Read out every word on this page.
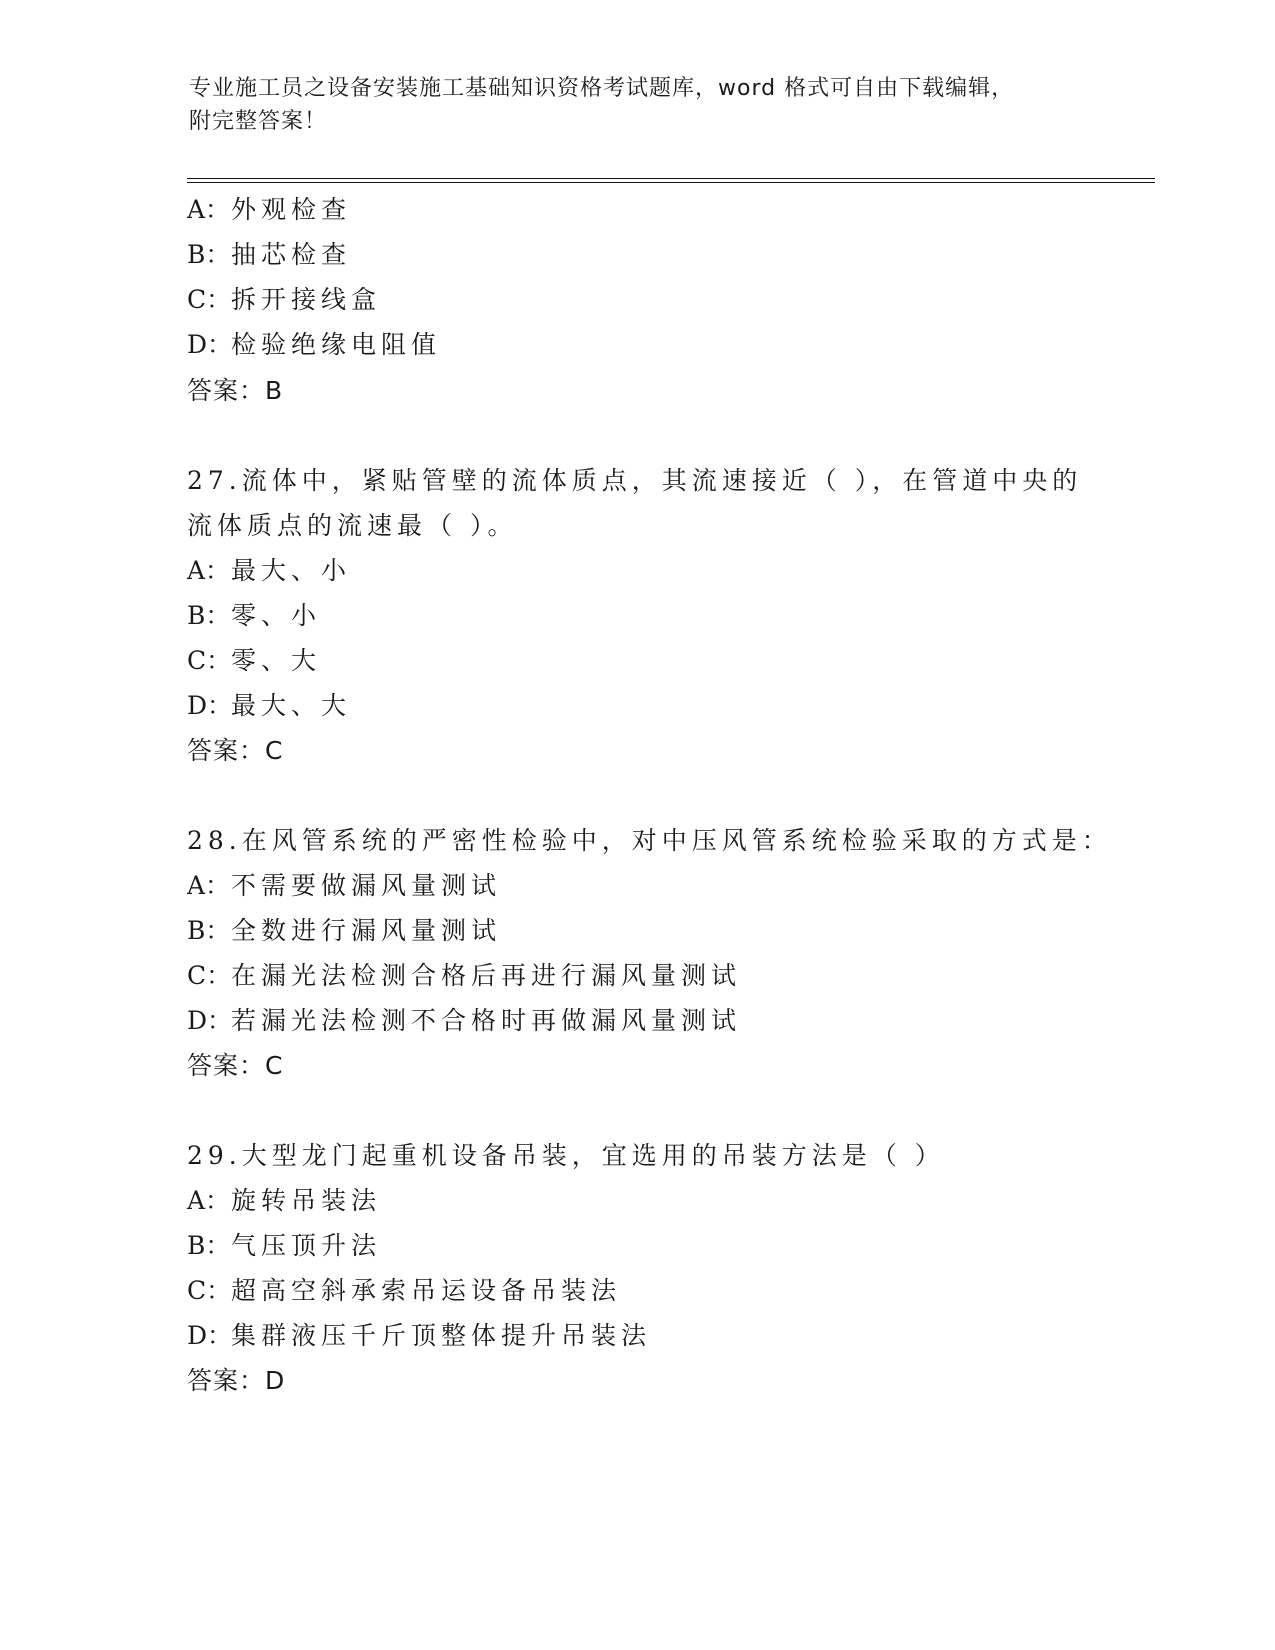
专业施工员之设备安装施工基础知识资格考试题库，word 格式可自由下载编辑，
附完整答案！
A：外观检查
B：抽芯检查
C：拆开接线盒
D：检验绝缘电阻值
答案：B
27.流体中，紧贴管壁的流体质点，其流速接近（ ），在管道中央的
流体质点的流速最（ ）。
A：最大、小
B：零、小
C：零、大
D：最大、大
答案：C
28.在风管系统的严密性检验中，对中压风管系统检验采取的方式是：
A：不需要做漏风量测试
B：全数进行漏风量测试
C：在漏光法检测合格后再进行漏风量测试
D：若漏光法检测不合格时再做漏风量测试
答案：C
29.大型龙门起重机设备吊装，宜选用的吊装方法是（ ）
A：旋转吊装法
B：气压顶升法
C：超高空斜承索吊运设备吊装法
D：集群液压千斤顶整体提升吊装法
答案：D
